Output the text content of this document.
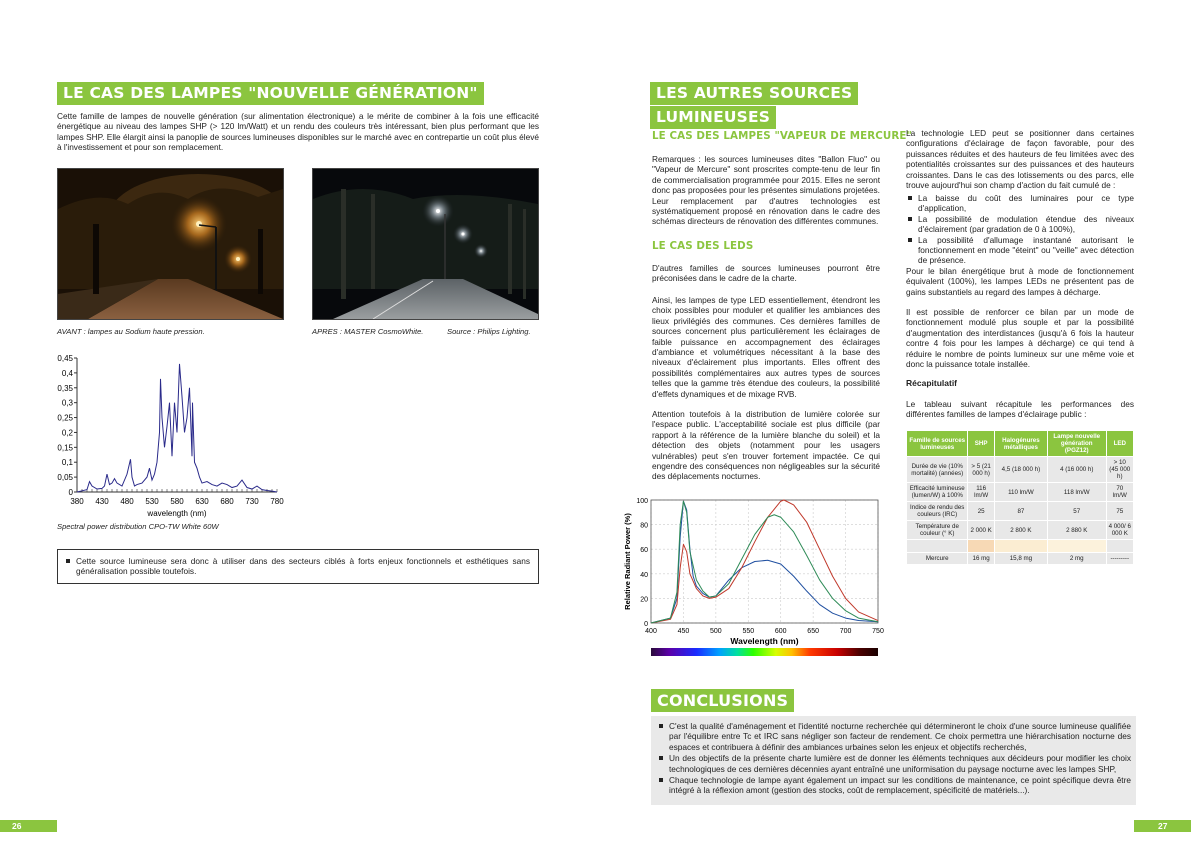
LE CAS DES LAMPES "NOUVELLE GÉNÉRATION"
Cette famille de lampes de nouvelle génération (sur alimentation électronique) a le mérite de combiner à la fois une efficacité énergétique au niveau des lampes SHP (> 120 lm/Watt) et un rendu des couleurs très intéressant, bien plus performant que les lampes SHP. Elle élargit ainsi la panoplie de sources lumineuses disponibles sur le marché avec en contrepartie un coût plus élevé à l'investissement et pour son remplacement.
AVANT : lampes au Sodium haute pression.	APRES : MASTER CosmoWhite.	Source : Philips Lighting.
0
0,05
0,1
0,15
0,2
0,25
0,3
0,35
0,4
0,45
380 430 480 530 580 630 680 730 780
wavelength (nm)
Spectral power distribution CPO-TW White 60W
Cette source lumineuse sera donc à utiliser dans des secteurs ciblés à forts enjeux fonctionnels et esthétiques sans généralisation possible toutefois.
LES AUTRES SOURCES
LUMINEUSES
LE CAS DES LAMPES "VAPEUR DE MERCURE"
Remarques : les sources lumineuses dites "Ballon Fluo" ou "Vapeur de Mercure" sont proscrites compte-tenu de leur fin de commercialisation programmée pour 2015. Elles ne seront donc pas proposées pour les présentes simulations projetées. Leur remplacement par d'autres technologies est systématiquement proposé en rénovation dans le cadre des schémas directeurs de rénovation des différentes communes.
LE CAS DES LEDS
D'autres familles de sources lumineuses pourront être préconisées dans le cadre de la charte.
Ainsi, les lampes de type LED essentiellement, étendront les choix possibles pour moduler et qualifier les ambiances des lieux privilégiés des communes. Ces dernières familles de sources concernent plus particulièrement les éclairages de faible puissance en accompagnement des éclairages d'ambiance et volumétriques nécessitant à la base des niveaux d'éclairement plus importants. Elles offrent des possibilités complémentaires aux autres types de sources telles que la gamme très étendue des couleurs, la possibilité d'effets dynamiques et de mixage RVB.
Attention toutefois à la distribution de lumière colorée sur l'espace public. L'acceptabilité sociale est plus difficile (par rapport à la référence de la lumière blanche du soleil) et la détection des objets (notamment pour les usagers vulnérables) peut s'en trouver fortement impactée. Ce qui engendre des conséquences non négligeables sur la sécurité des déplacements nocturnes.
0
20
40
60
80
100
400	450	500	550	600	650	700	750
Wavelength (nm)
Relative Radiant Power (%)
La technologie LED peut se positionner dans certaines configurations d'éclairage de façon favorable, pour des puissances réduites et des hauteurs de feu limitées avec des potentialités croissantes sur des puissances et des hauteurs croissantes. Dans le cas des lotissements ou des parcs, elle trouve aujourd'hui son champ d'action du fait cumulé de :
La baisse du coût des luminaires pour ce type d'application,
La possibilité de modulation étendue des niveaux d'éclairement (par gradation de 0 à 100%),
La possibilité d'allumage instantané autorisant le fonctionnement en mode "éteint" ou "veille" avec détection de présence.
Pour le bilan énergétique brut à mode de fonctionnement équivalent (100%), les lampes LEDs ne présentent pas de gains substantiels au regard des lampes à décharge.
Il est possible de renforcer ce bilan par un mode de fonctionnement modulé plus souple et par la possibilité d'augmentation des interdistances (jusqu'à 6 fois la hauteur contre 4 fois pour les lampes à décharge) ce qui tend à réduire le nombre de points lumineux sur une même voie et donc la puissance totale installée.
Récapitulatif
Le tableau suivant récapitule les performances des différentes familles de lampes d'éclairage public :
Famille de sources lumineuses	SHP	Halogénures métalliques	Lampe nouvelle génération (PGZ12)	LED
Durée de vie (10% mortalité) (années)	> 5 (21 000 h)	4,5 (18 000 h)	4 (16 000 h)	> 10 (45 000 h)
Efficacité lumineuse (lumen/W) à 100%	116 lm/W	110 lm/W	118 lm/W	70 lm/W
Indice de rendu des couleurs (IRC)	25	87	57	75
Température de couleur (° K)	2 000 K	2 800 K	2 880 K	4 000/ 6 000 K

Mercure	16 mg	15,8 mg	2 mg	---------
CONCLUSIONS
C'est la qualité d'aménagement et l'identité nocturne recherchée qui détermineront le choix d'une source lumineuse qualifiée par l'équilibre entre Tc et IRC sans négliger son facteur de rendement. Ce choix permettra une hiérarchisation nocturne des espaces et contribuera à définir des ambiances urbaines selon les enjeux et objectifs recherchés,
Un des objectifs de la présente charte lumière est de donner les éléments techniques aux décideurs pour modifier les choix technologiques de ces dernières décennies ayant entraîné une uniformisation du paysage nocturne avec les lampes SHP,
Chaque technologie de lampe ayant également un impact sur les conditions de maintenance, ce point spécifique devra être intégré à la réflexion amont (gestion des stocks, coût de remplacement, spécificité de matériels...).
26	27
